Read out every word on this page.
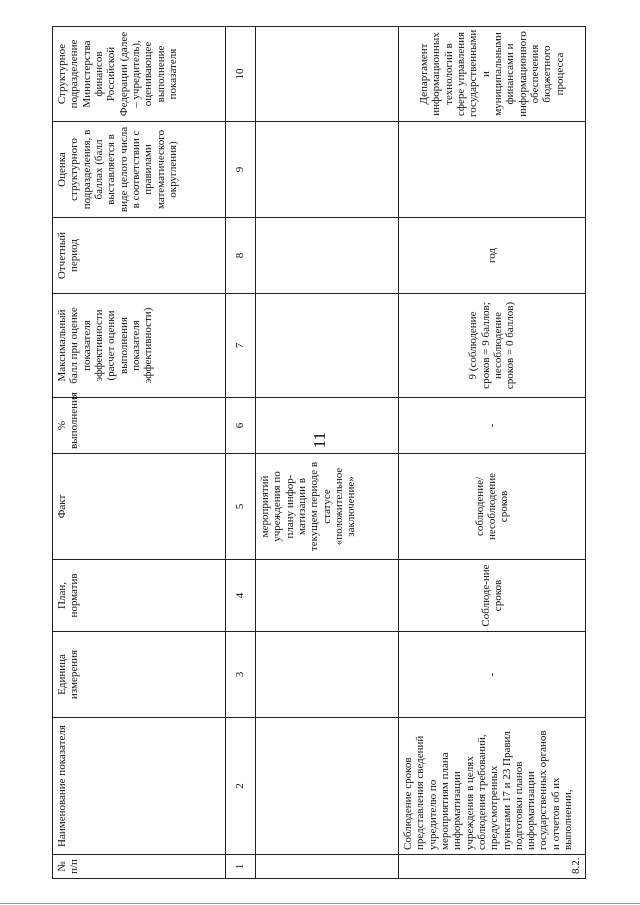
11
№ п/п	Наименование показателя	Единица измерения	План, норматив	Факт	% выполнения	Максимальный балл при оценке показателя эффективности (расчет оценки выполнения показателя эффективности)	Отчетный период	Оценка структурного подразделения, в баллах (балл выставляется в виде целого числа в соответствии с правилами математического округления)	Структурное подразделение Министерства финансов Российской Федерации (далее – учредитель), оценивающее выполнение показателя
1	2	3	4	5	6	7	8	9	10
				мероприятий учреждения по плану инфор-матизации в текущем периоде в статусе «положительное заключение»					
8.2.	Соблюдение сроков представления сведений учредителю по мероприятиям плана информатизации учреждения в целях соблюдения требований, предусмотренных пунктами 17 и 23 Правил подготовки планов информатизации государственных органов и отчетов об их выполнении,	-	Соблюде-ние сроков	соблюдение/ несоблюдение сроков	-	9 (соблюдение сроков = 9 баллов; несоблюдение сроков = 0 баллов)	год		Департамент информационных технологий в сфере управления государственными и муниципальными финансами и информационного обеспечения бюджетного процесса
